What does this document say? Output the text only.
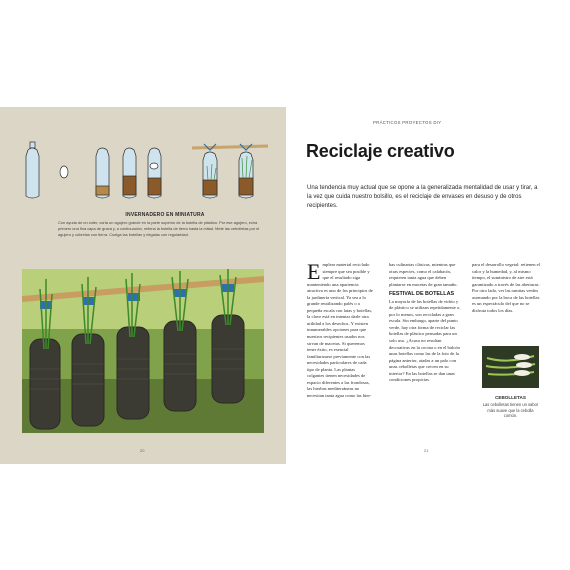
INVERNADERO EN MINIATURA
Con ayuda de un cúter, corta un agujero grande en la parte superior de la botella de plástico. Por ese agujero, echa primero una fina capa de grava y, a continuación, rellena la botella de tierra hasta la mitad. Mete las cebolletas por el agujero y cúbrelas con tierra. Cuelga las botellas y riégalas con regularidad.
20
PRÁCTICOS PROYECTOS DIY
Reciclaje creativo
Una tendencia muy actual que se opone a la generalizada mentalidad de usar y tirar, a la vez que cuida nuestro bolsillo, es el reciclaje de envases en desuso y de otros recipientes.
Emplear material reciclado siempre que sea posible y que el resultado siga manteniendo una apariencia atractiva es uno de los principios de la jardinería vertical. Ya sea a lo grande reutilizando palés o a pequeña escala con latas y botellas, la clave está en intentar darle otra utilidad a los desechos. Y existen innumerables opciones para que nuestros recipientes usados nos sirvan de macetas. Si queremos tener éxito, es esencial familiarizarse previamente con las necesidades particulares de cada tipo de planta. Las plantas colgantes tienen necesidades de espacio diferentes a las frondosas, las hierbas mediterráneas no necesitan tanta agua como las hier-
bas culinarias clásicas, mientras que otras especies, como el calabacín, requieren tanta agua que deben plantarse en macetas de gran tamaño.
FESTIVAL DE BOTELLAS
La mayoría de las botellas de vidrio y de plástico se utilizan repetidamente o, por lo menos, son recicladas a gran escala. Sin embargo, aparte del punto verde, hay otra forma de reciclar las botellas de plástico pensadas para un solo uso. ¿Acaso no resultan decorativas en la cocina o en el balcón unas botellas como las de la foto de la página anterior, atadas a un palo con unas cebolletas que crecen en su interior? En las botellas se dan unas condiciones propicias
para el desarrollo vegetal: retienen el calor y la humedad, y, al mismo tiempo, el suministro de aire está garantizado a través de las aberturas. Por otro lado, ver las ramitas verdes asomando por la boca de las botellas es un espectáculo del que no se disfruta todos los días.
CEBOLLETAS
Las cebolletas tienen un sabor más suave que la cebolla común.
21
